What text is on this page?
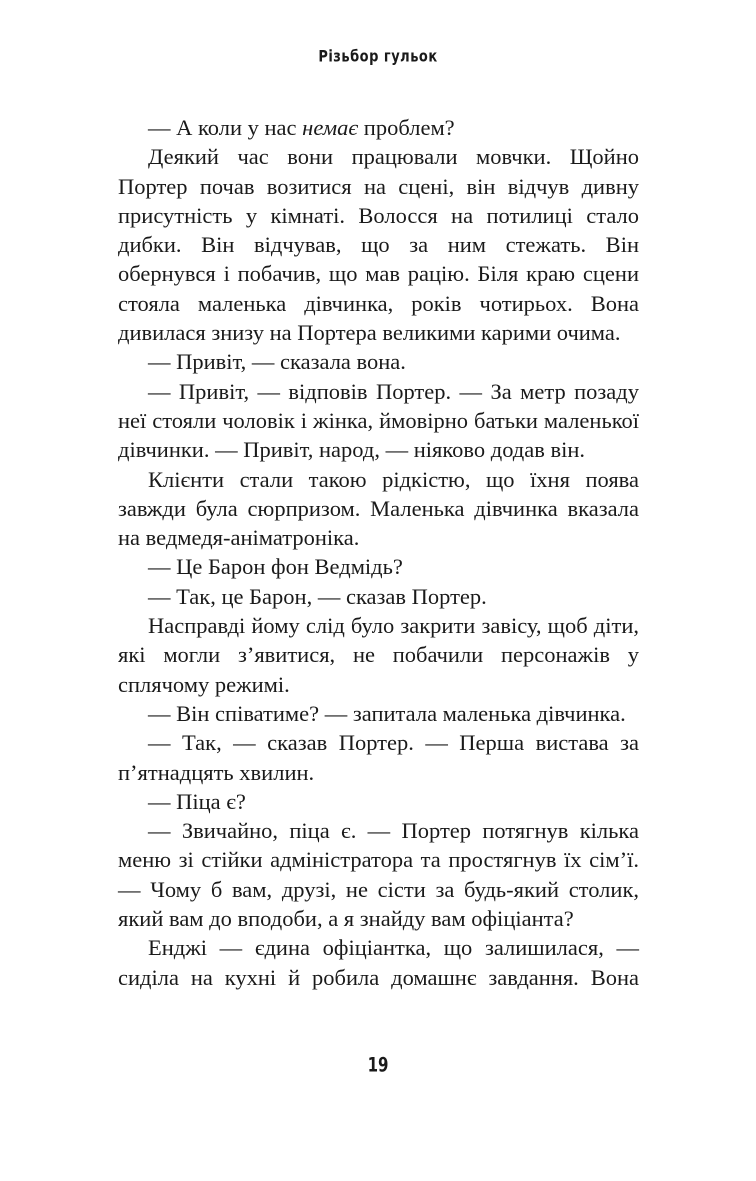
Різьбор гульок

— А коли у нас немає проблем?

Деякий час вони працювали мовчки. Щойно Портер почав возитися на сцені, він відчув дивну присутність у кімнаті. Волосся на потилиці стало дибки. Він відчував, що за ним стежать. Він обернувся і побачив, що мав рацію. Біля краю сцени стояла маленька дівчинка, років чотирьох. Вона дивилася знизу на Портера великими карими очима.

— Привіт, — сказала вона.

— Привіт, — відповів Портер. — За метр позаду неї стояли чоловік і жінка, ймовірно батьки маленької дівчинки. — Привіт, народ, — ніяково додав він.

Клієнти стали такою рідкістю, що їхня поява завжди була сюрпризом. Маленька дівчинка вказала на ведмедя-аніматроніка.

— Це Барон фон Ведмідь?

— Так, це Барон, — сказав Портер.

Насправді йому слід було закрити завісу, щоб діти, які могли з’явитися, не побачили персонажів у сплячому режимі.

— Він співатиме? — запитала маленька дівчинка.

— Так, — сказав Портер. — Перша вистава за п’ятнадцять хвилин.

— Піца є?

— Звичайно, піца є. — Портер потягнув кілька меню зі стійки адміністратора та простягнув їх сім’ї. — Чому б вам, друзі, не сісти за будь-який столик, який вам до вподоби, а я знайду вам офіціанта?

Енджі — єдина офіціантка, що залишилася, — сиділа на кухні й робила домашнє завдання. Вона

19
